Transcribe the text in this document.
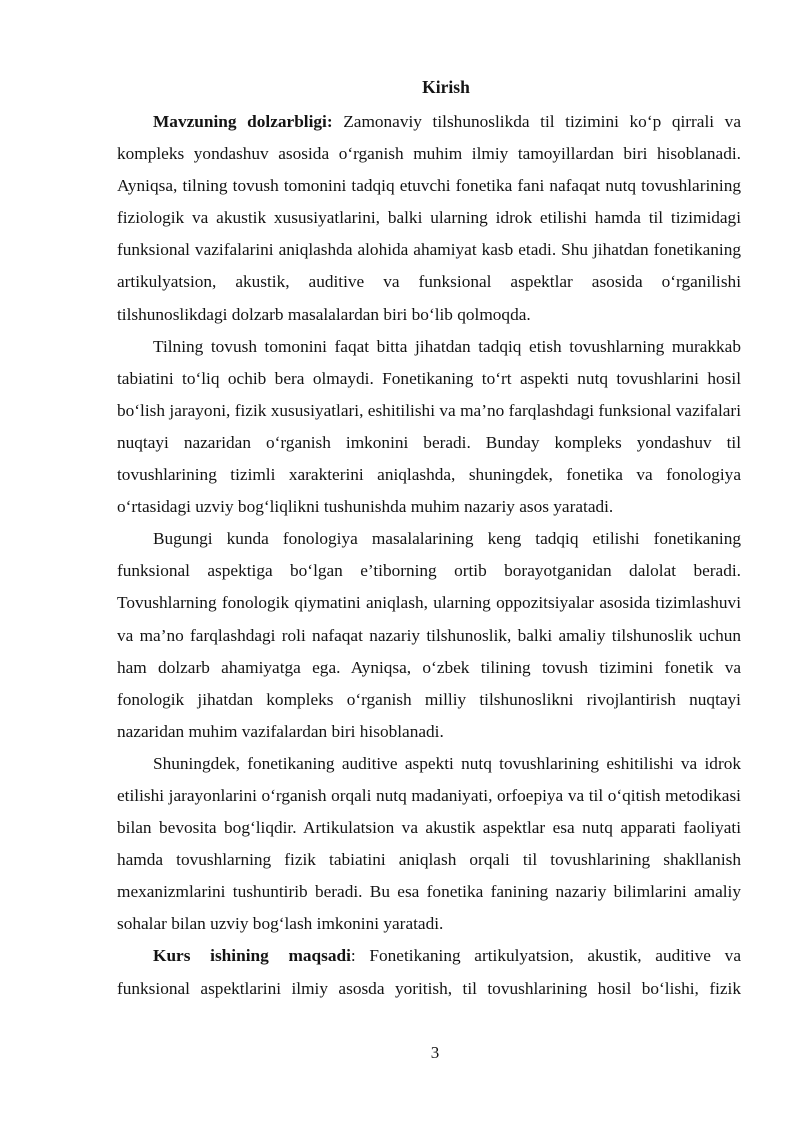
Kirish

Mavzuning dolzarbligi: Zamonaviy tilshunoslikda til tizimini ko‘p qirrali va kompleks yondashuv asosida o‘rganish muhim ilmiy tamoyillardan biri hisoblanadi. Ayniqsa, tilning tovush tomonini tadqiq etuvchi fonetika fani nafaqat nutq tovushlarining fiziologik va akustik xususiyatlarini, balki ularning idrok etilishi hamda til tizimidagi funksional vazifalarini aniqlashda alohida ahamiyat kasb etadi. Shu jihatdan fonetikaning artikulyatsion, akustik, auditive va funksional aspektlar asosida o‘rganilishi tilshunoslikdagi dolzarb masalalardan biri bo‘lib qolmoqda.

Tilning tovush tomonini faqat bitta jihatdan tadqiq etish tovushlarning murakkab tabiatini to‘liq ochib bera olmaydi. Fonetikaning to‘rt aspekti nutq tovushlarini hosil bo‘lish jarayoni, fizik xususiyatlari, eshitilishi va ma’no farqlashdagi funksional vazifalari nuqtayi nazaridan o‘rganish imkonini beradi. Bunday kompleks yondashuv til tovushlarining tizimli xarakterini aniqlashda, shuningdek, fonetika va fonologiya o‘rtasidagi uzviy bog‘liqlikni tushunishda muhim nazariy asos yaratadi.

Bugungi kunda fonologiya masalalarining keng tadqiq etilishi fonetikaning funksional aspektiga bo‘lgan e’tiborning ortib borayotganidan dalolat beradi. Tovushlarning fonologik qiymatini aniqlash, ularning oppozitsiyalar asosida tizimlashuvi va ma’no farqlashdagi roli nafaqat nazariy tilshunoslik, balki amaliy tilshunoslik uchun ham dolzarb ahamiyatga ega. Ayniqsa, o‘zbek tilining tovush tizimini fonetik va fonologik jihatdan kompleks o‘rganish milliy tilshunoslikni rivojlantirish nuqtayi nazaridan muhim vazifalardan biri hisoblanadi.

Shuningdek, fonetikaning auditive aspekti nutq tovushlarining eshitilishi va idrok etilishi jarayonlarini o‘rganish orqali nutq madaniyati, orfoepiya va til o‘qitish metodikasi bilan bevosita bog‘liqdir. Artikulatsion va akustik aspektlar esa nutq apparati faoliyati hamda tovushlarning fizik tabiatini aniqlash orqali til tovushlarining shakllanish mexanizmlarini tushuntirib beradi. Bu esa fonetika fanining nazariy bilimlarini amaliy sohalar bilan uzviy bog‘lash imkonini yaratadi.

Kurs ishining maqsadi: Fonetikaning artikulyatsion, akustik, auditive va funksional aspektlarini ilmiy asosda yoritish, til tovushlarining hosil bo‘lishi, fizik

3
